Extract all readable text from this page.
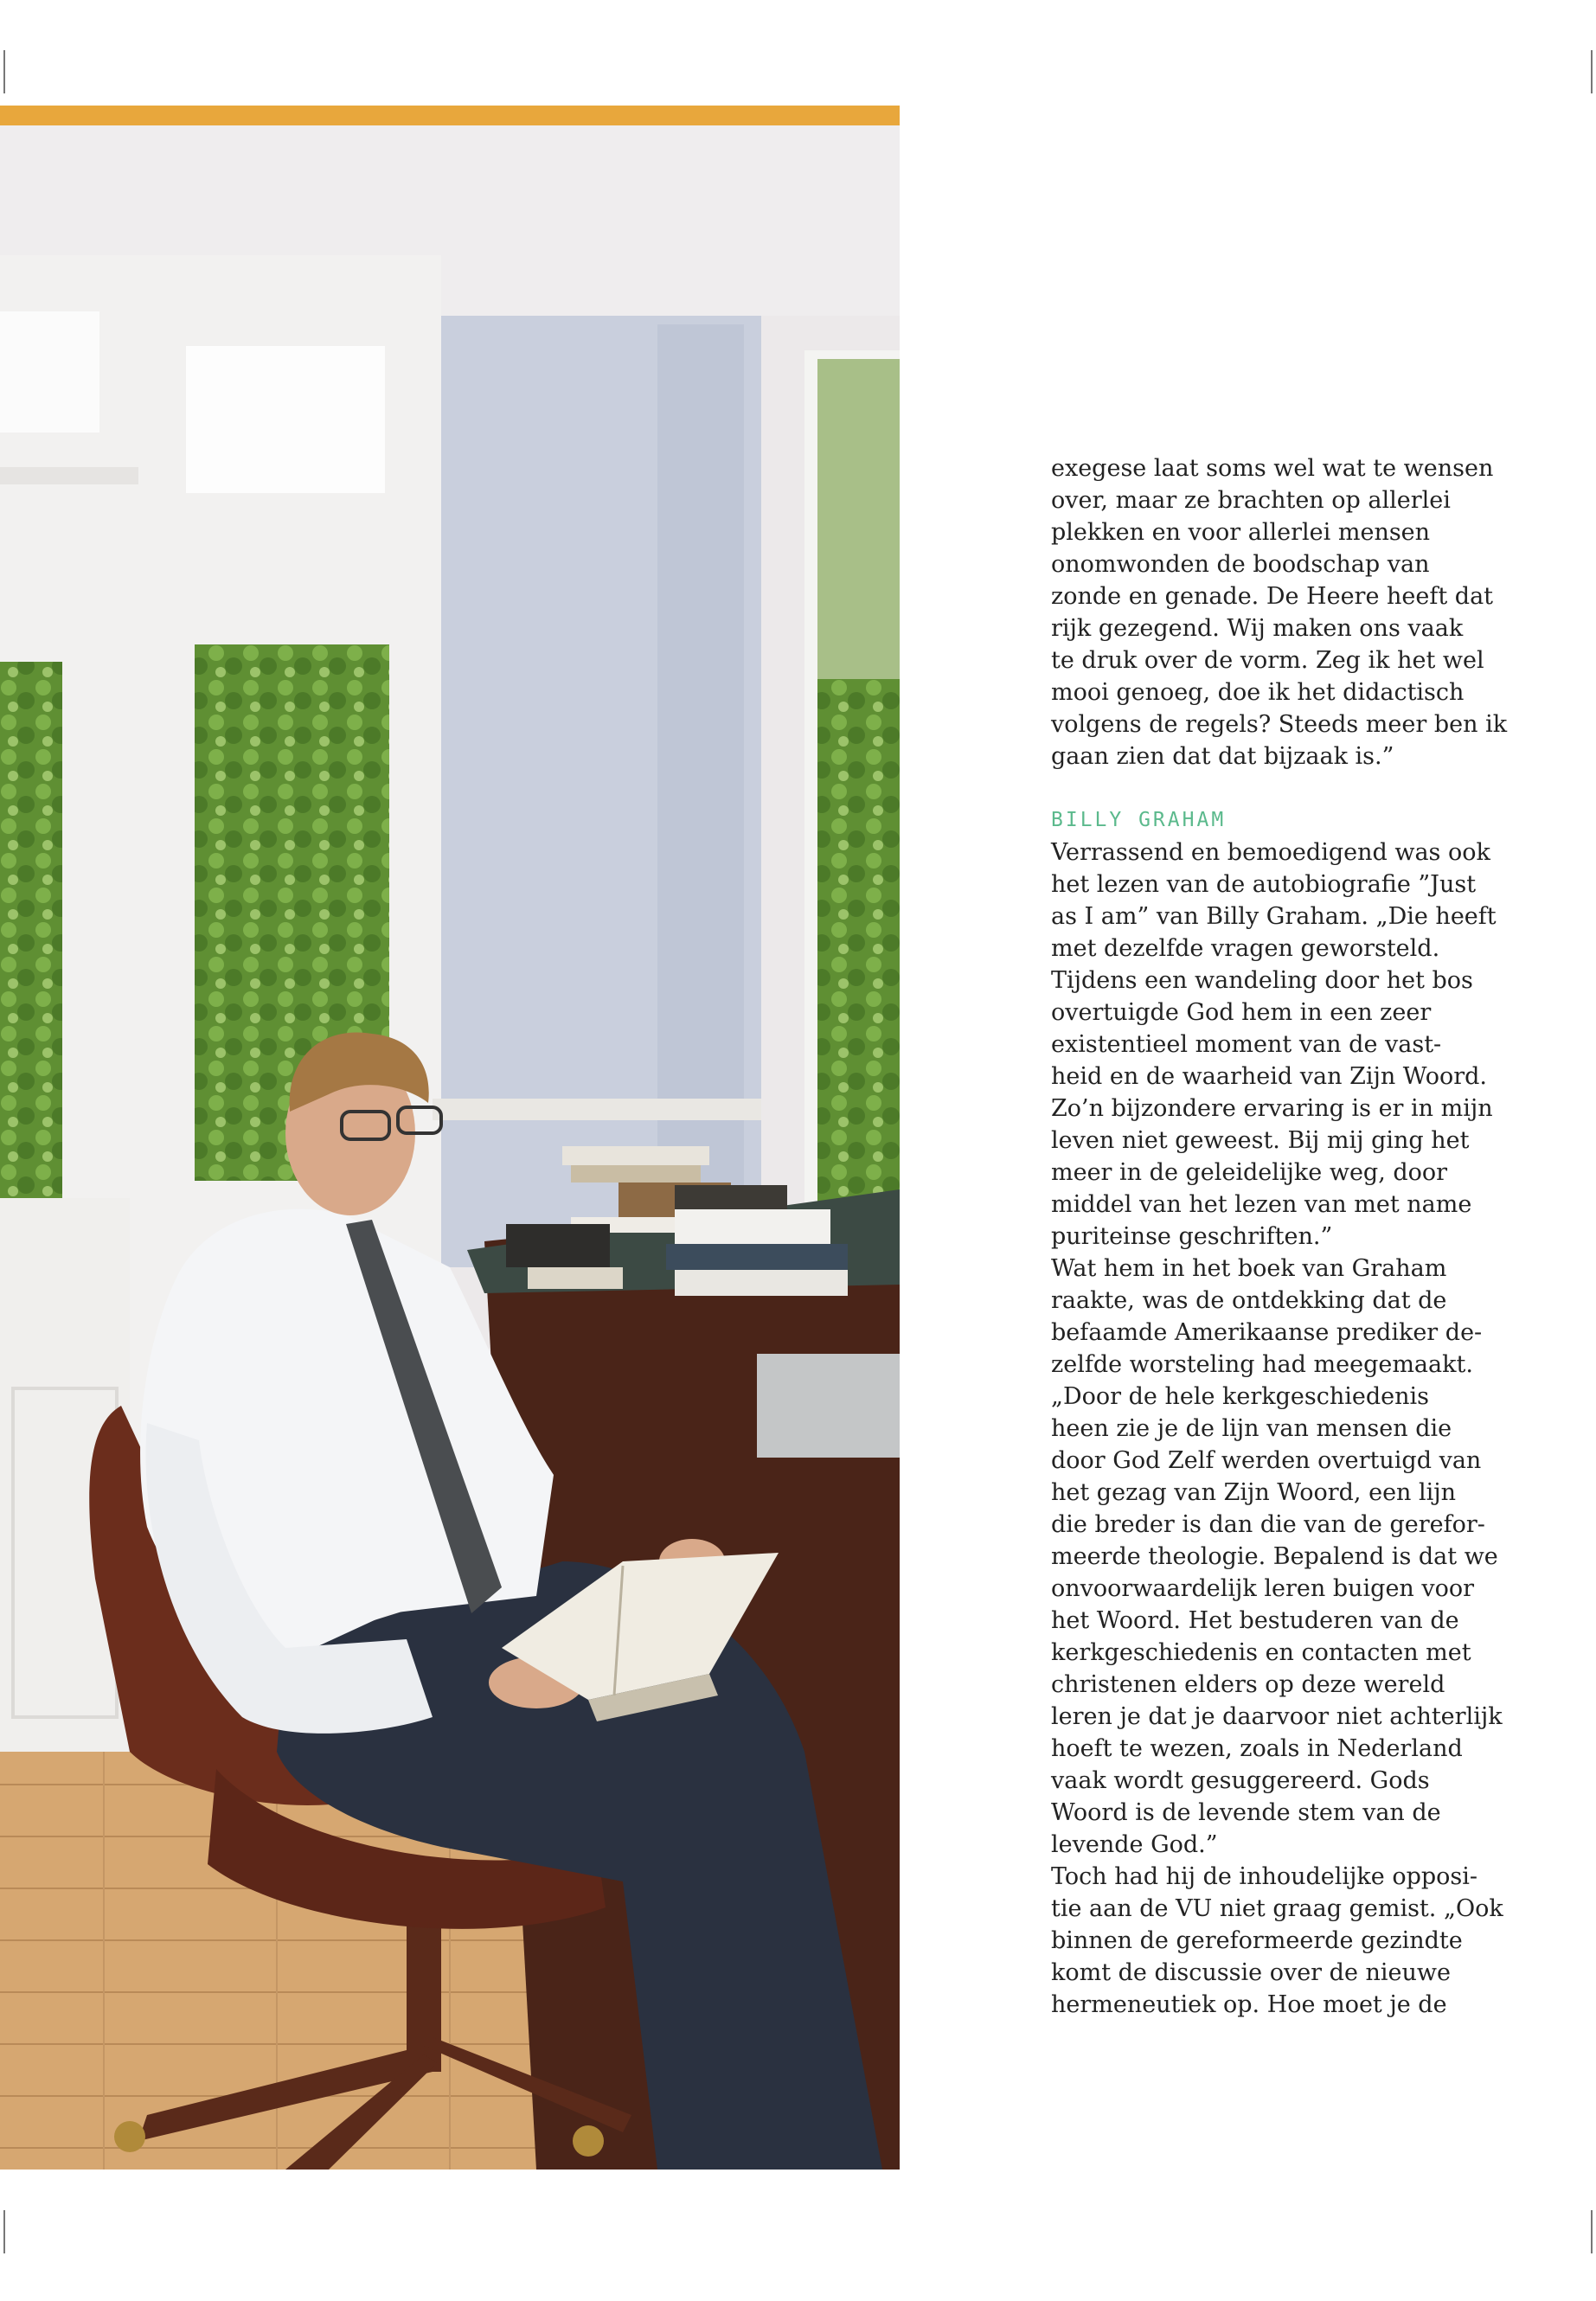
exegese laat soms wel wat te wensen
over, maar ze brachten op allerlei
plekken en voor allerlei mensen
onomwonden de boodschap van
zonde en genade. De Heere heeft dat
rijk gezegend. Wij maken ons vaak
te druk over de vorm. Zeg ik het wel
mooi genoeg, doe ik het didactisch
volgens de regels? Steeds meer ben ik
gaan zien dat dat bijzaak is.”

BILLY GRAHAM

Verrassend en bemoedigend was ook
het lezen van de autobiografie ”Just
as I am” van Billy Graham. „Die heeft
met dezelfde vragen geworsteld.
Tijdens een wandeling door het bos
overtuigde God hem in een zeer
existentieel moment van de vast-
heid en de waarheid van Zijn Woord.
Zo’n bijzondere ervaring is er in mijn
leven niet geweest. Bij mij ging het
meer in de geleidelijke weg, door
middel van het lezen van met name
puriteinse geschriften.”

Wat hem in het boek van Graham
raakte, was de ontdekking dat de
befaamde Amerikaanse prediker de-
zelfde worsteling had meegemaakt.
„Door de hele kerkgeschiedenis
heen zie je de lijn van mensen die
door God Zelf werden overtuigd van
het gezag van Zijn Woord, een lijn
die breder is dan die van de gerefor-
meerde theologie. Bepalend is dat we
onvoorwaardelijk leren buigen voor
het Woord. Het bestuderen van de
kerkgeschiedenis en contacten met
christenen elders op deze wereld
leren je dat je daarvoor niet achterlijk
hoeft te wezen, zoals in Nederland
vaak wordt gesuggereerd. Gods
Woord is de levende stem van de
levende God.”

Toch had hij de inhoudelijke opposi-
tie aan de VU niet graag gemist. „Ook
binnen de gereformeerde gezindte
komt de discussie over de nieuwe
hermeneutiek op. Hoe moet je de
